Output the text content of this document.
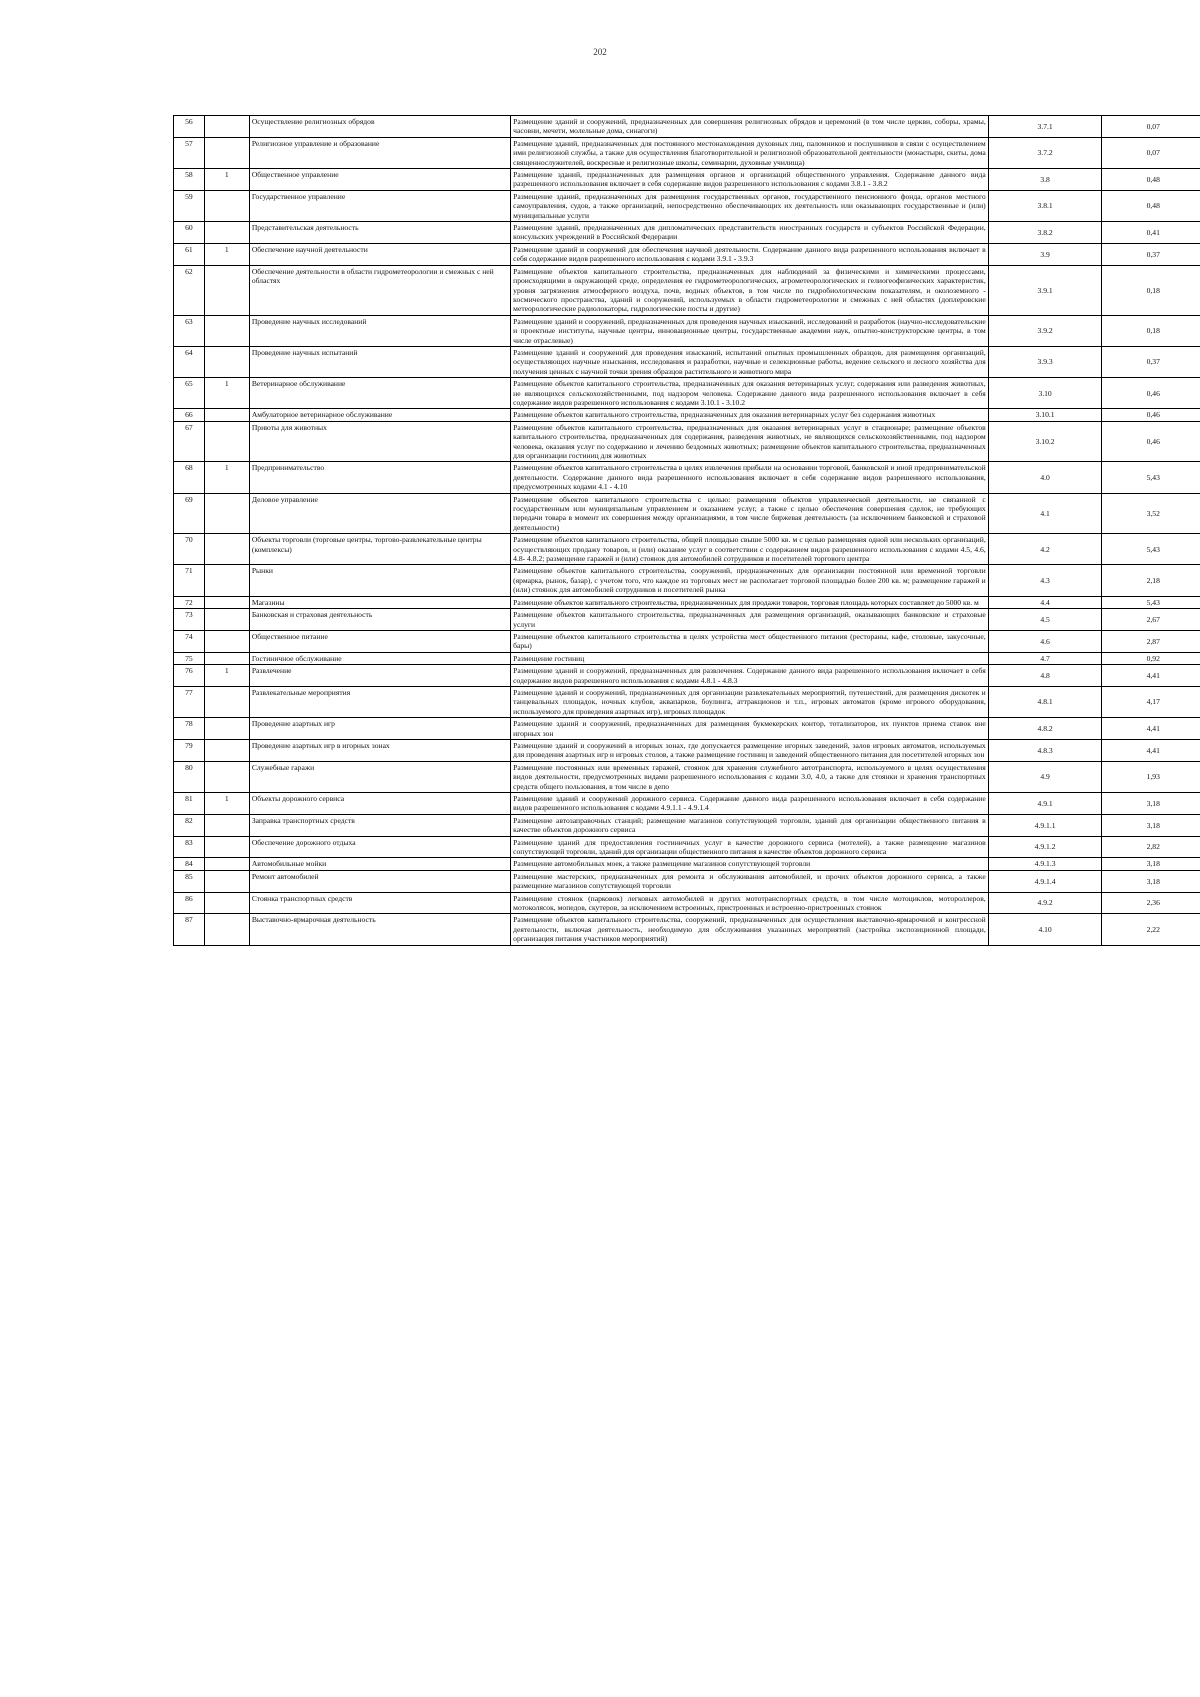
202
56		Осуществление религиозных обрядов	Размещение зданий и сооружений, предназначенных для совершения религиозных обрядов и церемоний (в том числе церкви, соборы, храмы, часовни, мечети, молельные дома, синагоги)	3.7.1	0,07
57		Религиозное управление и образование	Размещение зданий, предназначенных для постоянного местонахождения духовных лиц, паломников и послушников в связи с осуществлением ими религиозной службы, а также для осуществления благотворительной и религиозной образовательной деятельности (монастыри, скиты, дома священнослужителей, воскресные и религиозные школы, семинарии, духовные училища)	3.7.2	0,07
58	1	Общественное управление	Размещение зданий, предназначенных для размещения органов и организаций общественного управления. Содержание данного вида разрешенного использования включает в себя содержание видов разрешенного использования с кодами 3.8.1 - 3.8.2	3.8	0,48
59		Государственное управление	Размещение зданий, предназначенных для размещения государственных органов, государственного пенсионного фонда, органов местного самоуправления, судов, а также организаций, непосредственно обеспечивающих их деятельность или оказывающих государственные и (или) муниципальные услуги	3.8.1	0,48
60		Представительская деятельность	Размещение зданий, предназначенных для дипломатических представительств иностранных государств и субъектов Российской Федерации, консульских учреждений в Российской Федерации	3.8.2	0,41
61	1	Обеспечение научной деятельности	Размещение зданий и сооружений для обеспечения научной деятельности. Содержание данного вида разрешенного использования включает в себя содержание видов разрешенного использования с кодами 3.9.1 - 3.9.3	3.9	0,37
62		Обеспечение деятельности в области гидрометеорологии и смежных с ней областях	Размещение объектов капитального строительства, предназначенных для наблюдений за физическими и химическими процессами, происходящими в окружающей среде, определения ее гидрометеорологических, агрометеорологических и гелиогеофизических характеристик, уровня загрязнения атмосферного воздуха, почв, водных объектов, в том числе по гидробиологическим показателям, и околоземного - космического пространства, зданий и сооружений, используемых в области гидрометеорологии и смежных с ней областях (доплеровские метеорологические радиолокаторы, гидрологические посты и другие)	3.9.1	0,18
63		Проведение научных исследований	Размещение зданий и сооружений, предназначенных для проведения научных изысканий, исследований и разработок (научно-исследовательские и проектные институты, научные центры, инновационные центры, государственные академии наук, опытно-конструкторские центры, в том числе отраслевые)	3.9.2	0,18
64		Проведение научных испытаний	Размещение зданий и сооружений для проведения изысканий, испытаний опытных промышленных образцов, для размещения организаций, осуществляющих научные изыскания, исследования и разработки, научные и селекционные работы, ведение сельского и лесного хозяйства для получения ценных с научной точки зрения образцов растительного и животного мира	3.9.3	0,37
65	1	Ветеринарное обслуживание	Размещение объектов капитального строительства, предназначенных для оказания ветеринарных услуг, содержания или разведения животных, не являющихся сельскохозяйственными, под надзором человека. Содержание данного вида разрешенного использования включает в себя содержание видов разрешенного использования с кодами 3.10.1 - 3.10.2	3.10	0,46
66		Амбулаторное ветеринарное обслуживание	Размещение объектов капитального строительства, предназначенных для оказания ветеринарных услуг без содержания животных	3.10.1	0,46
67		Приюты для животных	Размещение объектов капитального строительства, предназначенных для оказания ветеринарных услуг в стационаре; размещение объектов капитального строительства, предназначенных для содержания, разведения животных, не являющихся сельскохозяйственными, под надзором человека, оказания услуг по содержанию и лечению бездомных животных; размещение объектов капитального строительства, предназначенных для организации гостиниц для животных	3.10.2	0,46
68	1	Предпринимательство	Размещение объектов капитального строительства в целях извлечения прибыли на основании торговой, банковской и иной предпринимательской деятельности. Содержание данного вида разрешенного использования включает в себя содержание видов разрешенного использования, предусмотренных кодами 4.1 - 4.10	4.0	5,43
69		Деловое управление	Размещение объектов капитального строительства с целью: размещения объектов управленческой деятельности, не связанной с государственным или муниципальным управлением и оказанием услуг, а также с целью обеспечения совершения сделок, не требующих передачи товара в момент их совершения между организациями, в том числе биржевая деятельность (за исключением банковской и страховой деятельности)	4.1	3,52
70		Объекты торговли (торговые центры, торгово-развлекательные центры (комплексы)	Размещение объектов капитального строительства, общей площадью свыше 5000 кв. м с целью размещения одной или нескольких организаций, осуществляющих продажу товаров, и (или) оказание услуг в соответствии с содержанием видов разрешенного использования с кодами 4.5, 4.6, 4.8- 4.8.2; размещение гаражей и (или) стоянок для автомобилей сотрудников и посетителей торгового центра	4.2	5,43
71		Рынки	Размещение объектов капитального строительства, сооружений, предназначенных для организации постоянной или временной торговли (ярмарка, рынок, базар), с учетом того, что каждое из торговых мест не располагает торговой площадью более 200 кв. м; размещение гаражей и (или) стоянок для автомобилей сотрудников и посетителей рынка	4.3	2,18
72		Магазины	Размещение объектов капитального строительства, предназначенных для продажи товаров, торговая площадь которых составляет до 5000 кв. м	4.4	5,43
73		Банковская и страховая деятельность	Размещение объектов капитального строительства, предназначенных для размещения организаций, оказывающих банковские и страховые услуги	4.5	2,67
74		Общественное питание	Размещение объектов капитального строительства в целях устройства мест общественного питания (рестораны, кафе, столовые, закусочные, бары)	4.6	2,87
75		Гостиничное обслуживание	Размещение гостиниц	4.7	0,92
76	1	Развлечение	Размещение зданий и сооружений, предназначенных для развлечения. Содержание данного вида разрешенного использования включает в себя содержание видов разрешенного использования с кодами 4.8.1 - 4.8.3	4.8	4,41
77		Развлекательные мероприятия	Размещение зданий и сооружений, предназначенных для организации развлекательных мероприятий, путешествий, для размещения дискотек и танцевальных площадок, ночных клубов, аквапарков, боулинга, аттракционов и т.п., игровых автоматов (кроме игрового оборудования, используемого для проведения азартных игр), игровых площадок	4.8.1	4,17
78		Проведение азартных игр	Размещение зданий и сооружений, предназначенных для размещения букмекерских контор, тотализаторов, их пунктов приема ставок вне игорных зон	4.8.2	4,41
79		Проведение азартных игр в игорных зонах	Размещение зданий и сооружений в игорных зонах, где допускается размещение игорных заведений, залов игровых автоматов, используемых для проведения азартных игр и игровых столов, а также размещение гостиниц и заведений общественного питания для посетителей игорных зон	4.8.3	4,41
80		Служебные гаражи	Размещение постоянных или временных гаражей, стоянок для хранения служебного автотранспорта, используемого в целях осуществления видов деятельности, предусмотренных видами разрешенного использования с кодами 3.0, 4.0, а также для стоянки и хранения транспортных средств общего пользования, в том числе в депо	4.9	1,93
81	1	Объекты дорожного сервиса	Размещение зданий и сооружений дорожного сервиса. Содержание данного вида разрешенного использования включает в себя содержание видов разрешенного использования с кодами 4.9.1.1 - 4.9.1.4	4.9.1	3,18
82		Заправка транспортных средств	Размещение автозаправочных станций; размещение магазинов сопутствующей торговли, зданий для организации общественного питания в качестве объектов дорожного сервиса	4.9.1.1	3,18
83		Обеспечение дорожного отдыха	Размещение зданий для предоставления гостиничных услуг в качестве дорожного сервиса (мотелей), а также размещение магазинов сопутствующей торговли, зданий для организации общественного питания в качестве объектов дорожного сервиса	4.9.1.2	2,82
84		Автомобильные мойки	Размещение автомобильных моек, а также размещение магазинов сопутствующей торговли	4.9.1.3	3,18
85		Ремонт автомобилей	Размещение мастерских, предназначенных для ремонта и обслуживания автомобилей, и прочих объектов дорожного сервиса, а также размещение магазинов сопутствующей торговли	4.9.1.4	3,18
86		Стоянка транспортных средств	Размещение стоянок (парковок) легковых автомобилей и других мототранспортных средств, в том числе мотоциклов, мотороллеров, мотоколясок, мопедов, скутеров, за исключением встроенных, пристроенных и встроенно-пристроенных стоянок	4.9.2	2,36
87		Выставочно-ярмарочная деятельность	Размещение объектов капитального строительства, сооружений, предназначенных для осуществления выставочно-ярмарочной и конгрессной деятельности, включая деятельность, необходимую для обслуживания указанных мероприятий (застройка экспозиционной площади, организация питания участников мероприятий)	4.10	2,22
